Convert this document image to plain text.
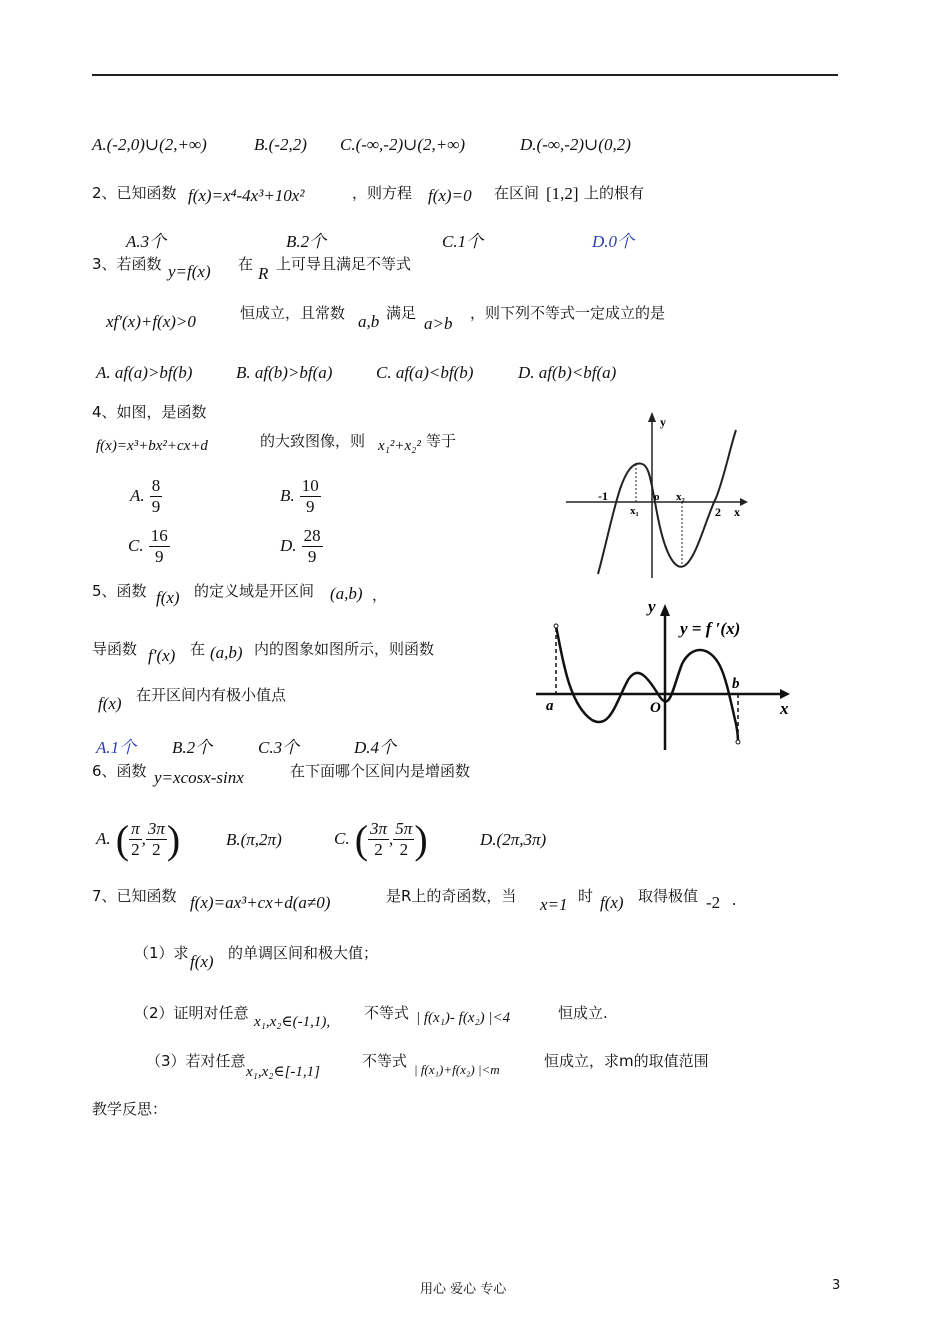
A.(-2,0)∪(2,+∞)	B.(-2,2) C.(-∞,-2)∪(2,+∞)	D.(-∞,-2)∪(0,2)
2、已知函数 f(x)=x⁴-4x³+10x²	，则方程 f(x)=0 在区间 [1,2] 上的根有
A.3个	B.2个	C.1个	D.0个
3、若函数 y=f(x) 在 R 上可导且满足不等式
xf′(x)+f(x)>0	恒成立，且常数 a,b 满足
a>b
，则下列不等式一定成立的是
A. af(a)>bf(b)	B. af(b)>bf(a)	C. af(a)<bf(b)	D. af(b)<bf(a)
4、如图，是函数
f(x)=x³+bx²+cx+d	的大致图像，则 x₁²+x₂² 等于
A. $\frac{8}{9}$	B. $\frac{10}{9}$
C. $\frac{16}{9}$	D. $\frac{28}{9}$
y
x
o
-1
2
x₁
x₂
5、函数 f(x) 的定义域是开区间 (a,b) ，
导函数 f′(x) 在 (a,b) 内的图象如图所示，则函数
f(x) 在开区间内有极小值点
A.1个 B.2个	C.3个	D.4个
y
y = f ′(x)
a
b
O	x
6、函数 y=xcosx-sinx	在下面哪个区间内是增函数
A. ( $\frac{\pi}{2}$ , $\frac{3\pi}{2}$ )	B.(π,2π)	C. ( $\frac{3\pi}{2}$ , $\frac{5\pi}{2}$ )	D.(2π,3π)
7、已知函数 f(x)=ax³+cx+d(a≠0)	是R上的奇函数，当 x=1 时 f(x) 取得极值 -2 .
（1）求 f(x) 的单调区间和极大值；
（2）证明对任意 x₁,x₂∈(-1,1), 不等式 | f(x₁)- f(x₂) |<4	恒成立.
（3）若对任意
x₁,x₂∈[-1,1]
不等式 | f(x₁)+f(x₂) |<m	恒成立，求m的取值范围
教学反思：
用心 爱心 专心	3
